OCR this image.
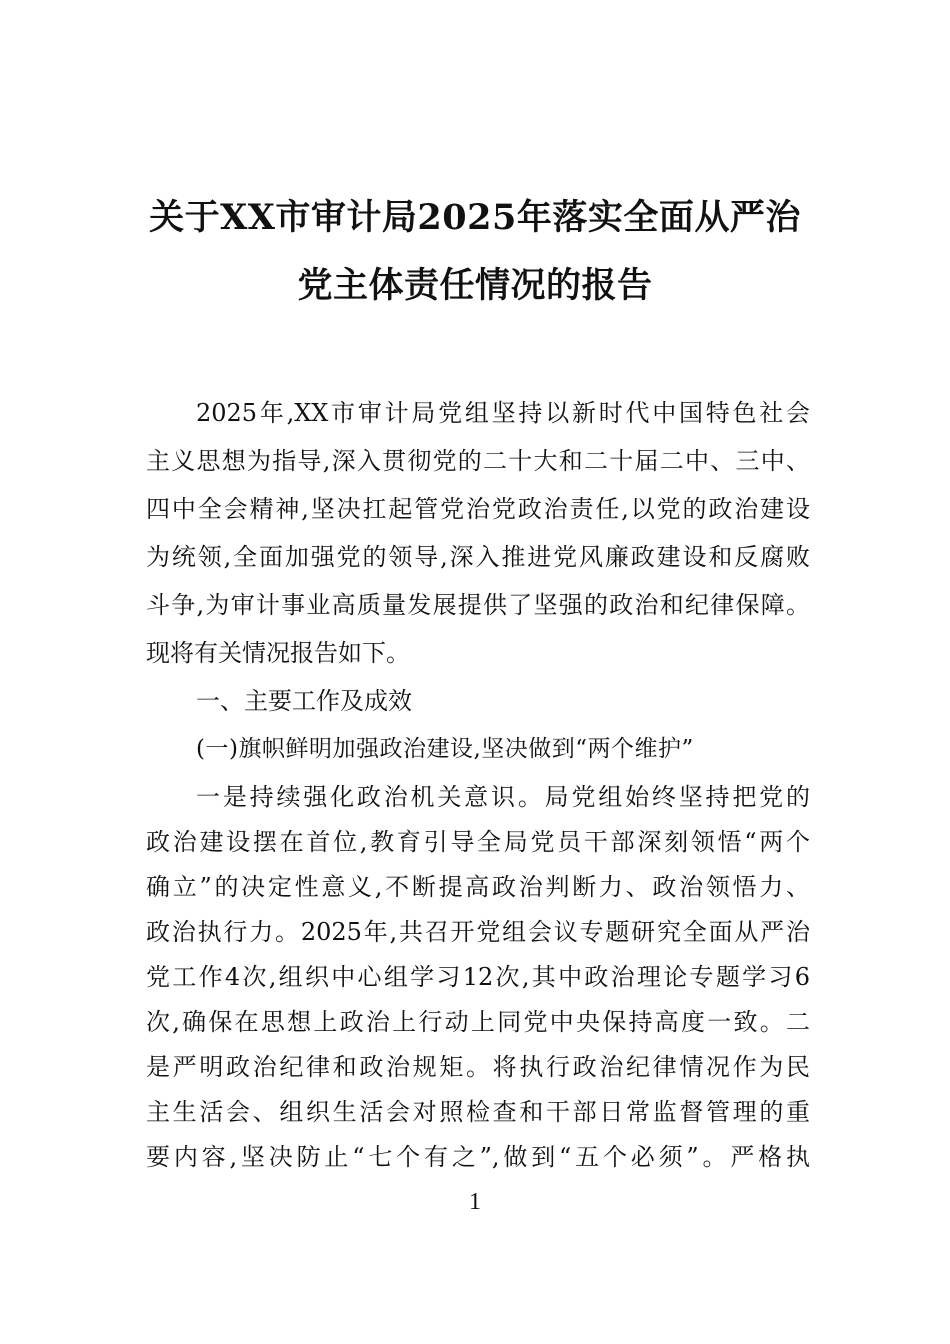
关于XX市审计局2025年落实全面从严治
党主体责任情况的报告
2025年,XX市审计局党组坚持以新时代中国特色社会
主义思想为指导,深入贯彻党的二十大和二十届二中、三中、
四中全会精神,坚决扛起管党治党政治责任,以党的政治建设
为统领,全面加强党的领导,深入推进党风廉政建设和反腐败
斗争,为审计事业高质量发展提供了坚强的政治和纪律保障。
现将有关情况报告如下。
一、主要工作及成效
(一)旗帜鲜明加强政治建设,坚决做到“两个维护”
一是持续强化政治机关意识。局党组始终坚持把党的
政治建设摆在首位,教育引导全局党员干部深刻领悟“两个
确立”的决定性意义,不断提高政治判断力、政治领悟力、
政治执行力。2025年,共召开党组会议专题研究全面从严治
党工作4次,组织中心组学习12次,其中政治理论专题学习6
次,确保在思想上政治上行动上同党中央保持高度一致。二
是严明政治纪律和政治规矩。将执行政治纪律情况作为民
主生活会、组织生活会对照检查和干部日常监督管理的重
要内容,坚决防止“七个有之”,做到“五个必须”。严格执
1
